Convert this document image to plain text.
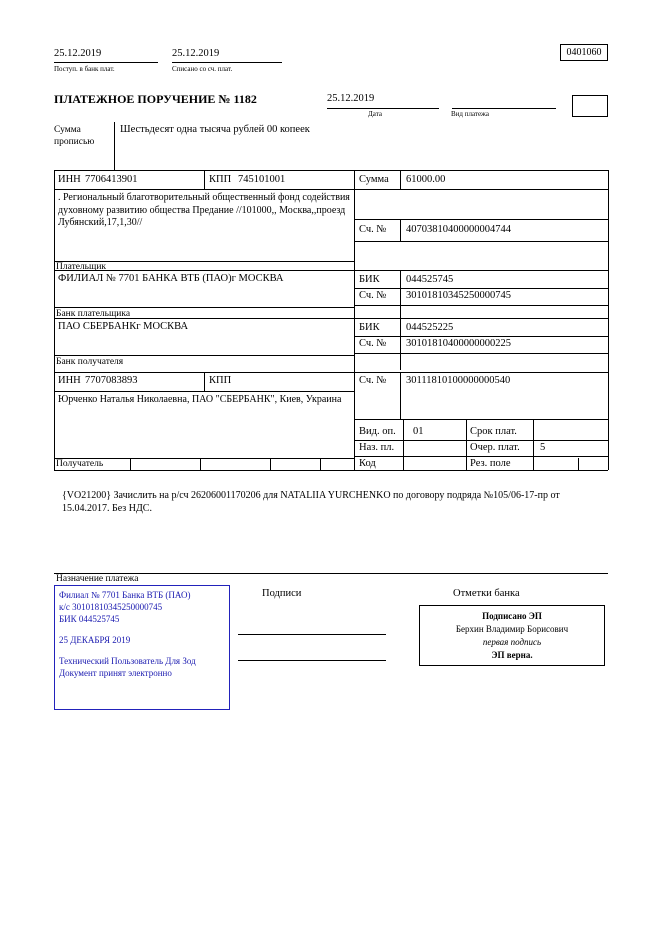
25.12.2019
Поступ. в банк плат.
25.12.2019
Списано со сч. плат.
0401060
ПЛАТЕЖНОЕ ПОРУЧЕНИЕ № 1182	25.12.2019
Дата	Вид платежа
Сумма
прописью
Шестьдесят одна тысяча рублей 00 копеек
ИНН 7706413901	КПП 745101001	Сумма 61000.00
. Региональный благотворительный общественный фонд содействия духовному развитию общества Предание //101000,, Москва,,проезд Лубянский,17,1,30//
Плательщик
Сч. № 40703810400000004744
ФИЛИАЛ № 7701 БАНКА ВТБ (ПАО)г МОСКВА
Банк плательщика
БИК	044525745
Сч. № 30101810345250000745
ПАО СБЕРБАНКг МОСКВА
Банк получателя
БИК	044525225
Сч. № 30101810400000000225
ИНН 7707083893	КПП	Сч. № 30111810100000000540
Юрченко Наталья Николаевна, ПАО "СБЕРБАНК", Киев, Украина
Получатель
Вид. оп. 01	Срок плат.
Наз. пл.	Очер. плат. 5
Код	Рез. поле
{VO21200} Зачислить на р/сч 26206001170206 для NATALIIA YURCHENKO по договору подряда №105/06-17-пр от 15.04.2017. Без НДС.
Назначение платежа
Подписи	Отметки банка
Филиал № 7701 Банка ВТБ (ПАО)
к/с 30101810345250000745
БИК 044525745
25 ДЕКАБРЯ 2019
Технический Пользователь Для Зод
Документ принят электронно
Подписано ЭП
Берхин Владимир Борисович
первая подпись
ЭП верна.
